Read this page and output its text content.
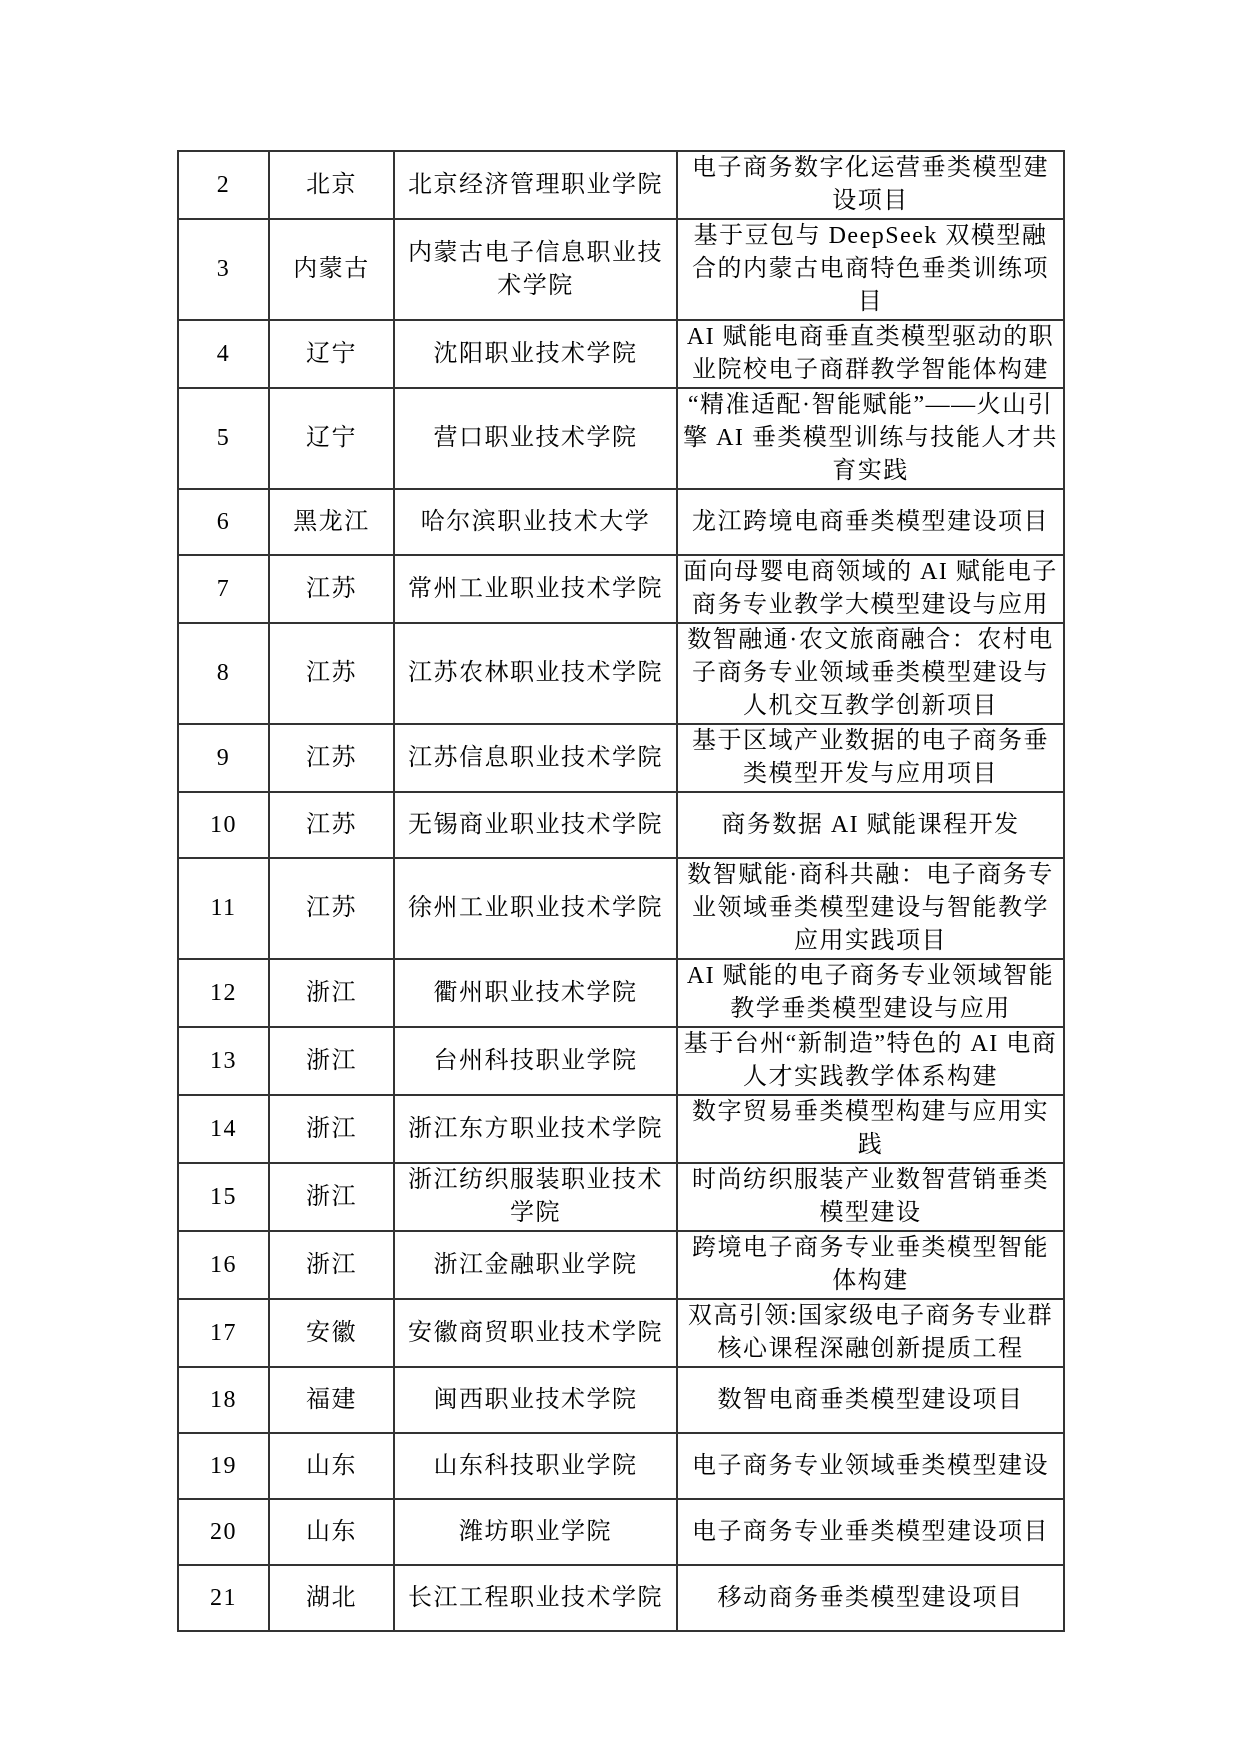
2	北京	北京经济管理职业学院	电子商务数字化运营垂类模型建设项目
3	内蒙古	内蒙古电子信息职业技术学院	基于豆包与 DeepSeek 双模型融合的内蒙古电商特色垂类训练项目
4	辽宁	沈阳职业技术学院	AI 赋能电商垂直类模型驱动的职业院校电子商群教学智能体构建
5	辽宁	营口职业技术学院	“精准适配·智能赋能”——火山引擎 AI 垂类模型训练与技能人才共育实践
6	黑龙江	哈尔滨职业技术大学	龙江跨境电商垂类模型建设项目
7	江苏	常州工业职业技术学院	面向母婴电商领域的 AI 赋能电子商务专业教学大模型建设与应用
8	江苏	江苏农林职业技术学院	数智融通·农文旅商融合：农村电子商务专业领域垂类模型建设与人机交互教学创新项目
9	江苏	江苏信息职业技术学院	基于区域产业数据的电子商务垂类模型开发与应用项目
10	江苏	无锡商业职业技术学院	商务数据 AI 赋能课程开发
11	江苏	徐州工业职业技术学院	数智赋能·商科共融：电子商务专业领域垂类模型建设与智能教学应用实践项目
12	浙江	衢州职业技术学院	AI 赋能的电子商务专业领域智能教学垂类模型建设与应用
13	浙江	台州科技职业学院	基于台州“新制造”特色的 AI 电商人才实践教学体系构建
14	浙江	浙江东方职业技术学院	数字贸易垂类模型构建与应用实践
15	浙江	浙江纺织服装职业技术学院	时尚纺织服装产业数智营销垂类模型建设
16	浙江	浙江金融职业学院	跨境电子商务专业垂类模型智能体构建
17	安徽	安徽商贸职业技术学院	双高引领:国家级电子商务专业群核心课程深融创新提质工程
18	福建	闽西职业技术学院	数智电商垂类模型建设项目
19	山东	山东科技职业学院	电子商务专业领域垂类模型建设
20	山东	潍坊职业学院	电子商务专业垂类模型建设项目
21	湖北	长江工程职业技术学院	移动商务垂类模型建设项目
